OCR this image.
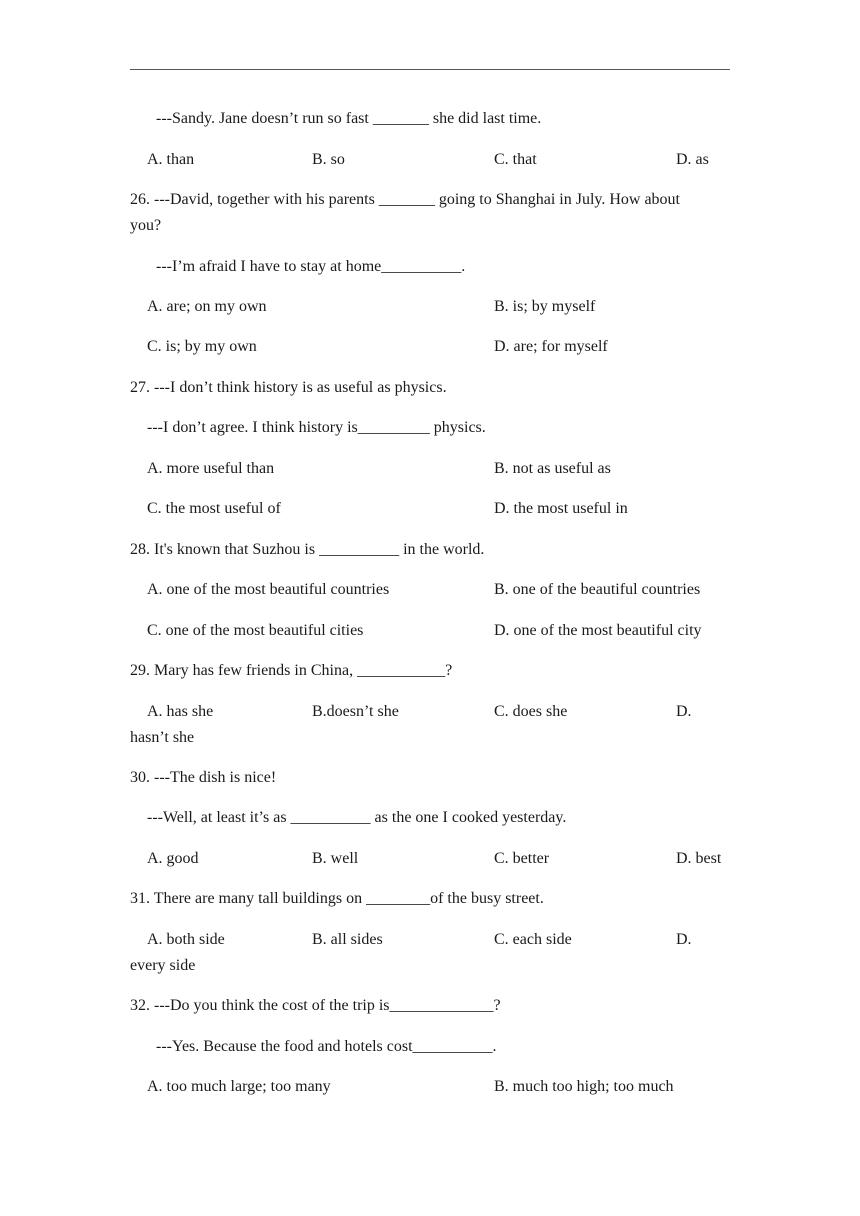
---Sandy. Jane doesn’t run so fast _______ she did last time.
A. than	B. so	C. that	D. as
26. ---David, together with his parents _______ going to Shanghai in July. How about
you?
---I’m afraid I have to stay at home__________.
A. are; on my own	B. is; by myself
C. is; by my own	D. are; for myself
27. ---I don’t think history is as useful as physics.
---I don’t agree. I think history is_________ physics.
A. more useful than	B. not as useful as
C. the most useful of	D. the most useful in
28. It's known that Suzhou is __________ in the world.
A. one of the most beautiful countries	B. one of the beautiful countries
C. one of the most beautiful cities	D. one of the most beautiful city
29. Mary has few friends in China, ___________?
A. has she	B.doesn’t she	C. does she	D.
hasn’t she
30. ---The dish is nice!
---Well, at least it’s as __________ as the one I cooked yesterday.
A. good	B. well	C. better	D. best
31. There are many tall buildings on ________of the busy street.
A. both side	B. all sides	C. each side	D.
every side
32. ---Do you think the cost of the trip is_____________?
---Yes. Because the food and hotels cost__________.
A. too much large; too many	B. much too high; too much
